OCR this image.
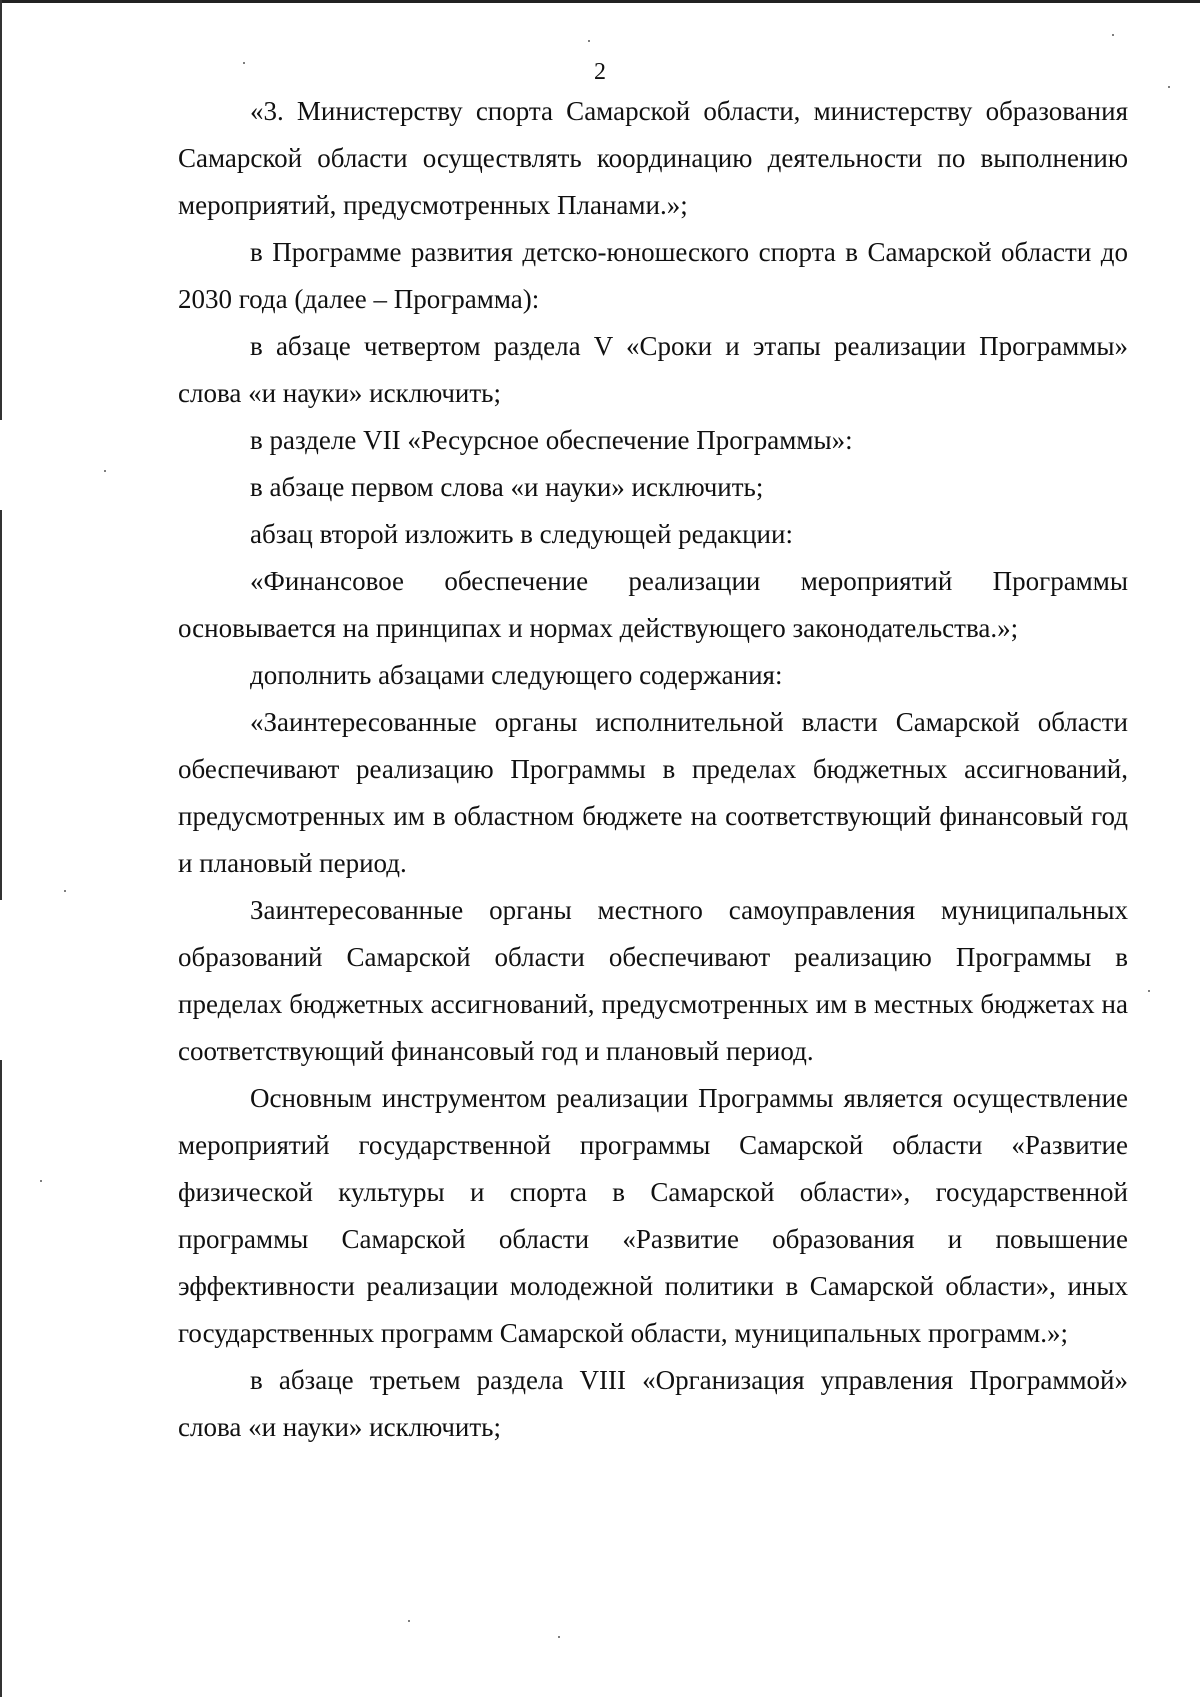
2

«3. Министерству спорта Самарской области, министерству образования Самарской области осуществлять координацию деятельности по выполнению мероприятий, предусмотренных Планами.»;

в Программе развития детско-юношеского спорта в Самарской области до 2030 года (далее – Программа):

в абзаце четвертом раздела V «Сроки и этапы реализации Программы» слова «и науки» исключить;

в разделе VII «Ресурсное обеспечение Программы»:

в абзаце первом слова «и науки» исключить;

абзац второй изложить в следующей редакции:

«Финансовое обеспечение реализации мероприятий Программы основывается на принципах и нормах действующего законодательства.»;

дополнить абзацами следующего содержания:

«Заинтересованные органы исполнительной власти Самарской области обеспечивают реализацию Программы в пределах бюджетных ассигнований, предусмотренных им в областном бюджете на соответствующий финансовый год и плановый период.

Заинтересованные органы местного самоуправления муниципальных образований Самарской области обеспечивают реализацию Программы в пределах бюджетных ассигнований, предусмотренных им в местных бюджетах на соответствующий финансовый год и плановый период.

Основным инструментом реализации Программы является осуществление мероприятий государственной программы Самарской области «Развитие физической культуры и спорта в Самарской области», государственной программы Самарской области «Развитие образования и повышение эффективности реализации молодежной политики в Самарской области», иных государственных программ Самарской области, муниципальных программ.»;

в абзаце третьем раздела VIII «Организация управления Программой» слова «и науки» исключить;
